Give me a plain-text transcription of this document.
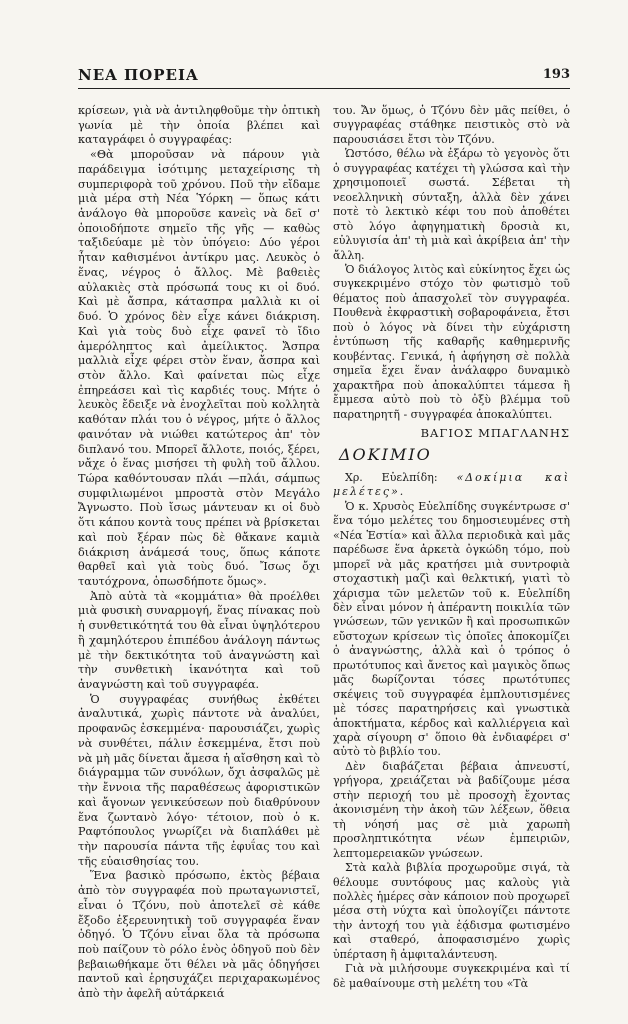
ΝΕΑ ΠΟΡΕΙΑ	193

κρίσεων, γιὰ νὰ ἀντιληφθοῦμε τὴν ὀπτικὴ γωνία μὲ τὴν ὁποία βλέπει καὶ καταγράφει ὁ συγγραφέας:

«Θὰ μποροῦσαν νὰ πάρουν γιὰ παράδειγμα ἰσότιμης μεταχείρισης τὴ συμπεριφορὰ τοῦ χρόνου. Ποῦ τὴν εἴδαμε μιὰ μέρα στὴ Νέα Ὑόρκη — ὅπως κάτι ἀνάλογο θὰ μποροῦσε κανεὶς νὰ δεῖ σ' ὁποιοδήποτε σημεῖο τῆς γῆς — καθὼς ταξιδεύαμε μὲ τὸν ὑπόγειο: Δύο γέροι ἦταν καθισμένοι ἀντίκρυ μας. Λευκὸς ὁ ἕνας, νέγρος ὁ ἄλλος. Μὲ βαθειὲς αὐλακιὲς στὰ πρόσωπά τους κι οἱ δυό. Καὶ μὲ ἄσπρα, κάτασπρα μαλλιὰ κι οἱ δυό. Ὁ χρόνος δὲν εἶχε κάνει διάκριση. Καὶ γιὰ τοὺς δυὸ εἶχε φανεῖ τὸ ἴδιο ἀμερόληπτος καὶ ἀμείλικτος. Ἄσπρα μαλλιὰ εἶχε φέρει στὸν ἕναν, ἄσπρα καὶ στὸν ἄλλο. Καὶ φαίνεται πὼς εἶχε ἐπηρεάσει καὶ τὶς καρδιές τους. Μήτε ὁ λευκὸς ἔδειξε νὰ ἐνοχλεῖται ποὺ κολλητὰ καθόταν πλάι του ὁ νέγρος, μήτε ὁ ἄλλος φαινόταν νὰ νιώθει κατώτερος ἀπ' τὸν διπλανό του. Μπορεῖ ἄλλοτε, ποιός, ξέρει, νἄχε ὁ ἕνας μισήσει τὴ φυλὴ τοῦ ἄλλου. Τώρα καθόντουσαν πλάι —πλάι, σάμπως συμφιλιωμένοι μπροστὰ στὸν Μεγάλο Ἄγνωστο. Ποὺ ἴσως μάντευαν κι οἱ δυὸ ὅτι κάπου κοντὰ τους πρέπει νὰ βρίσκεται καὶ ποὺ ξέραν πὼς δὲ θἄκανε καμιὰ διάκριση ἀνάμεσά τους, ὅπως κάποτε θαρθεῖ καὶ γιὰ τοὺς δυό. Ἴσως ὄχι ταυτόχρονα, ὁπωσδήποτε ὅμως».

Ἀπὸ αὐτὰ τὰ «κομμάτια» θὰ προέλθει μιὰ φυσικὴ συναρμογή, ἕνας πίνακας ποὺ ἡ συνθετικότητά του θὰ εἶναι ὑψηλότερου ἢ χαμηλότερου ἐπιπέδου ἀνάλογη πάντως μὲ τὴν δεκτικότητα τοῦ ἀναγνώστη καὶ τὴν συνθετικὴ ἱκανότητα καὶ τοῦ ἀναγνώστη καὶ τοῦ συγγραφέα.

Ὁ συγγραφέας συνήθως ἐκθέτει ἀναλυτικά, χωρὶς πάντοτε νὰ ἀναλύει, προφανῶς ἐσκεμμένα· παρουσιάζει, χωρὶς νὰ συνθέτει, πάλιν ἐσκεμμένα, ἔτσι ποὺ νὰ μὴ μᾶς δίνεται ἄμεσα ἡ αἴσθηση καὶ τὸ διάγραμμα τῶν συνόλων, ὄχι ἀσφαλῶς μὲ τὴν ἔννοια τῆς παραθέσεως ἀφοριστικῶν καὶ ἄγονων γενικεύσεων ποὺ διαθρύνουν ἕνα ζωντανὸ λόγο· τέτοιον, ποὺ ὁ κ. Ραφτόπουλος γνωρίζει νὰ διαπλάθει μὲ τὴν παρουσία πάντα τῆς ἐφυΐας του καὶ τῆς εὐαισθησίας του.

Ἕνα βασικὸ πρόσωπο, ἐκτὸς βέβαια ἀπὸ τὸν συγγραφέα ποὺ πρωταγωνιστεῖ, εἶναι ὁ Τζόνυ, ποὺ ἀποτελεῖ σὲ κάθε ἔξοδο ἐξερευνητικὴ τοῦ συγγραφέα ἕναν ὁδηγό. Ὁ Τζόνυ εἶναι ὅλα τὰ πρόσωπα ποὺ παίζουν τὸ ρόλο ἑνὸς ὁδηγοῦ ποὺ δὲν βεβαιωθήκαμε ὅτι θέλει νὰ μᾶς ὁδηγήσει παντοῦ καὶ ἑρησυχάζει περιχαρακωμένος ἀπὸ τὴν ἀφελῆ αὐτάρκειά

του. Ἄν ὅμως, ὁ Τζόνυ δὲν μᾶς πείθει, ὁ συγγραφέας στάθηκε πειστικὸς στὸ νὰ παρουσιάσει ἔτσι τὸν Τζόνυ.

Ὡστόσο, θέλω νὰ ἐξάρω τὸ γεγονὸς ὅτι ὁ συγγραφέας κατέχει τὴ γλώσσα καὶ τὴν χρησιμοποιεῖ σωστά. Σέβεται τὴ νεοελληνικὴ σύνταξη, ἀλλὰ δὲν χάνει ποτὲ τὸ λεκτικὸ κέφι του ποὺ ἀποθέτει στὸ λόγο ἀφηγηματικὴ δροσιὰ κι, εὐλυγισία ἀπ' τὴ μιὰ καὶ ἀκρίβεια ἀπ' τὴν ἄλλη.

Ὁ διάλογος λιτὸς καὶ εὐκίνητος ἔχει ὡς συγκεκριμένο στόχο τὸν φωτισμὸ τοῦ θέματος ποὺ ἀπασχολεῖ τὸν συγγραφέα. Πουθενὰ ἐκφραστικὴ σοβαροφάνεια, ἔτσι ποὺ ὁ λόγος νὰ δίνει τὴν εὐχάριστη ἐντύπωση τῆς καθαρῆς καθημερινῆς κουβέντας. Γενικά, ἡ ἀφήγηση σὲ πολλὰ σημεῖα ἔχει ἕναν ἀνάλαφρο δυναμικὸ χαρακτῆρα ποὺ ἀποκαλύπτει τάμεσα ἢ ἔμμεσα αὐτὸ ποὺ τὸ ὀξὺ βλέμμα τοῦ παρατηρητῆ - συγγραφέα ἀποκαλύπτει.

ΒΑΓΙΟΣ ΜΠΑΓΛΑΝΗΣ
ΔΟΚΙΜΙΟ

Χρ. Εὐελπίδη: «Δοκίμια καὶ μελέτες».

Ὁ κ. Χρυσὸς Εὐελπίδης συγκέντρωσε σ' ἕνα τόμο μελέτες του δημοσιευμένες στὴ «Νέα Ἑστία» καὶ ἄλλα περιοδικὰ καὶ μᾶς παρέδωσε ἕνα ἀρκετὰ ὀγκώδη τόμο, ποὺ μπορεῖ νὰ μᾶς κρατήσει μιὰ συντροφιὰ στοχαστικὴ μαζὶ καὶ θελκτική, γιατὶ τὸ χάρισμα τῶν μελετῶν τοῦ κ. Εὐελπίδη δὲν εἶναι μόνον ἡ ἀπέραντη ποικιλία τῶν γνώσεων, τῶν γενικῶν ἢ καὶ προσωπικῶν εὔστοχων κρίσεων τὶς ὁποῖες ἀποκομίζει ὁ ἀναγνώστης, ἀλλὰ καὶ ὁ τρόπος ὁ πρωτότυπος καὶ ἄνετος καὶ μαγικὸς ὅπως μᾶς δωρίζονται τόσες πρωτότυπες σκέψεις τοῦ συγγραφέα ἐμπλουτισμένες μὲ τόσες παρατηρήσεις καὶ γνωστικὰ ἀποκτήματα, κέρδος καὶ καλλιέργεια καὶ χαρὰ σίγουρη σ' ὅποιο θὰ ἐνδιαφέρει σ' αὐτὸ τὸ βιβλίο του.

Δὲν διαβάζεται βέβαια ἀπνευστί, γρήγορα, χρειάζεται νὰ βαδίζουμε μέσα στὴν περιοχή του μὲ προσοχὴ ἔχοντας ἀκονισμένη τὴν ἀκοὴ τῶν λέξεων, ὅθεια τὴ νόησή μας σὲ μιὰ χαρωπὴ προσληπτικότητα νέων ἐμπειριῶν, λεπτομερειακῶν γνώσεων.

Στὰ καλὰ βιβλία προχωροῦμε σιγά, τὰ θέλουμε συντόφους μας καλοὺς γιὰ πολλὲς ἡμέρες σὰν κάποιον ποὺ προχωρεῖ μέσα στὴ νύχτα καὶ ὑπολογίζει πάντοτε τὴν ἀντοχή του γιὰ ἑᾴδισμα φωτισμένο καὶ σταθερό, ἀποφασισμένο χωρὶς ὑπέρταση ἢ ἀμφιταλάντευση.

Γιὰ νὰ μιλήσουμε συγκεκριμένα καὶ τί δὲ μαθαίνουμε στὴ μελέτη του «Τὰ
